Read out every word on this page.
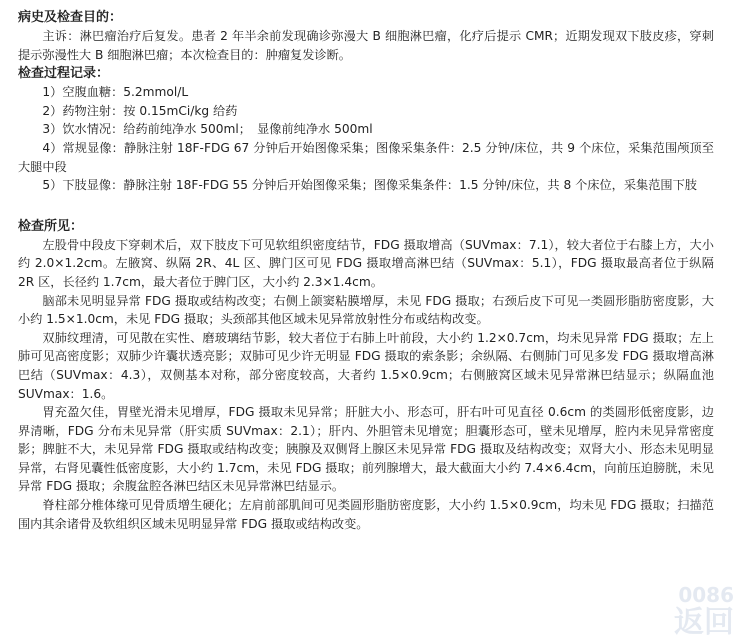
病史及检查目的：

主诉：淋巴瘤治疗后复发。患者 2 年半余前发现确诊弥漫大 B 细胞淋巴瘤，化疗后提示 CMR；近期发现双下肢皮疹，穿刺提示弥漫性大 B 细胞淋巴瘤；本次检查目的：肿瘤复发诊断。

检查过程记录：

1）空腹血糖：5.2mmol/L

2）药物注射：按 0.15mCi/kg 给药

3）饮水情况：给药前纯净水 500ml；　显像前纯净水 500ml

4）常规显像：静脉注射 18F-FDG 67 分钟后开始图像采集；图像采集条件：2.5 分钟/床位，共 9 个床位，采集范围颅顶至大腿中段

5）下肢显像：静脉注射 18F-FDG 55 分钟后开始图像采集；图像采集条件：1.5 分钟/床位，共 8 个床位，采集范围下肢

检查所见：

左股骨中段皮下穿刺术后，双下肢皮下可见软组织密度结节，FDG 摄取增高（SUVmax：7.1），较大者位于右膝上方，大小约 2.0×1.2cm。左腋窝、纵隔 2R、4L 区、脾门区可见 FDG 摄取增高淋巴结（SUVmax：5.1），FDG 摄取最高者位于纵隔 2R 区，长径约 1.7cm，最大者位于脾门区，大小约 2.3×1.4cm。

脑部未见明显异常 FDG 摄取或结构改变；右侧上颌窦粘膜增厚，未见 FDG 摄取；右颈后皮下可见一类圆形脂肪密度影，大小约 1.5×1.0cm，未见 FDG 摄取；头颈部其他区域未见异常放射性分布或结构改变。

双肺纹理清，可见散在实性、磨玻璃结节影，较大者位于右肺上叶前段，大小约 1.2×0.7cm，均未见异常 FDG 摄取；左上肺可见高密度影；双肺少许囊状透亮影；双肺可见少许无明显 FDG 摄取的索条影；余纵隔、右侧肺门可见多发 FDG 摄取增高淋巴结（SUVmax：4.3），双侧基本对称，部分密度较高，大者约 1.5×0.9cm；右侧腋窝区域未见异常淋巴结显示；纵隔血池 SUVmax：1.6。

胃充盈欠佳，胃壁光滑未见增厚，FDG 摄取未见异常；肝脏大小、形态可，肝右叶可见直径 0.6cm 的类圆形低密度影，边界清晰，FDG 分布未见异常（肝实质 SUVmax：2.1）；肝内、外胆管未见增宽；胆囊形态可，壁未见增厚，腔内未见异常密度影；脾脏不大，未见异常 FDG 摄取或结构改变；胰腺及双侧肾上腺区未见异常 FDG 摄取及结构改变；双肾大小、形态未见明显异常，右肾见囊性低密度影，大小约 1.7cm，未见 FDG 摄取；前列腺增大，最大截面大小约 7.4×6.4cm，向前压迫膀胱，未见异常 FDG 摄取；余腹盆腔各淋巴结区未见异常淋巴结显示。

脊柱部分椎体缘可见骨质增生硬化；左肩前部肌间可见类圆形脂肪密度影，大小约 1.5×0.9cm，均未见 FDG 摄取；扫描范围内其余诸骨及软组织区域未见明显异常 FDG 摄取或结构改变。

0086
返回
